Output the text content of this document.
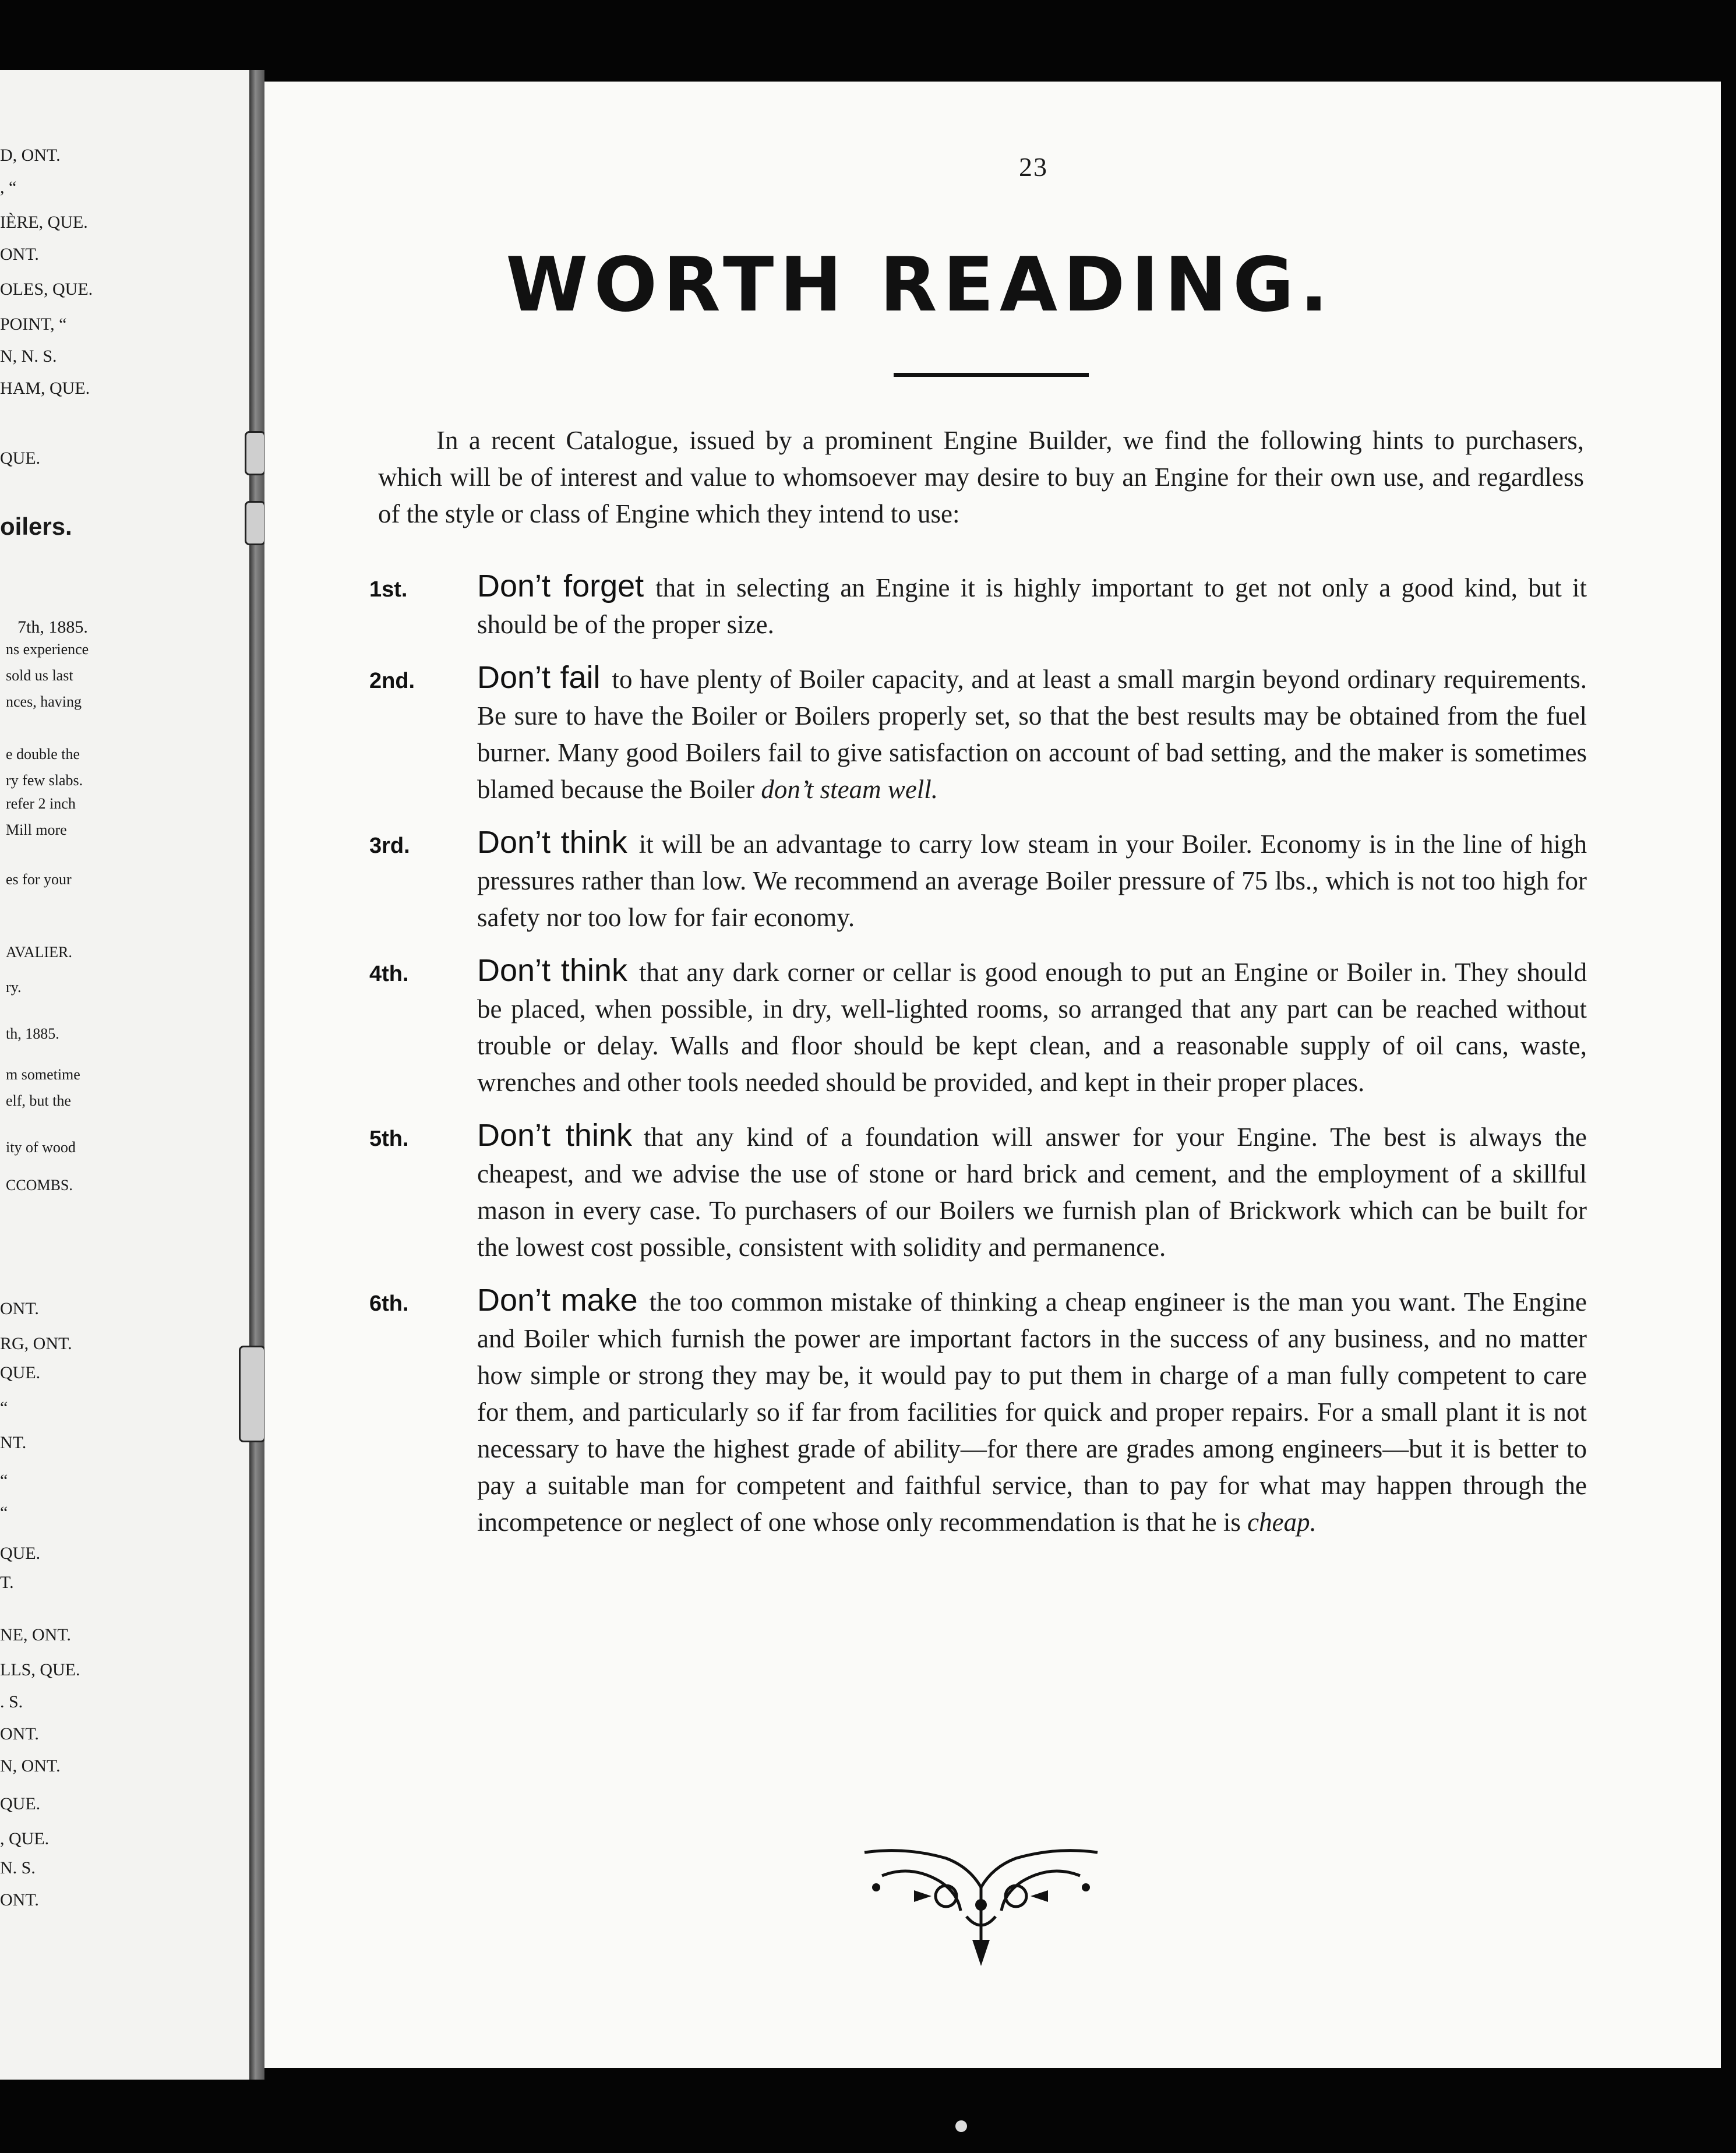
D, ONT.
, “
IÈRE, QUE.
ONT.
OLES, QUE.
POINT, “
N, N. S.
HAM, QUE.
QUE.
oilers.
7th, 1885.
ns experience
sold us last
nces, having
e double the
ry few slabs.
refer 2 inch
Mill more
es for your
AVALIER.
ry.
th, 1885.
m sometime
elf, but the
ity of wood
CCOMBS.
ONT.
RG, ONT.
QUE.
“
NT.
“
“
QUE.
T.
NE, ONT.
LLS, QUE.
. S.
ONT.
N, ONT.
QUE.
, QUE.
N. S.
ONT.
23
WORTH READING.
In a recent Catalogue, issued by a prominent Engine Builder, we find the following hints to purchasers, which will be of interest and value to whomsoever may desire to buy an Engine for their own use, and regardless of the style or class of Engine which they intend to use:
1st. Don’t forget that in selecting an Engine it is highly important to get not only a good kind, but it should be of the proper size.
2nd. Don’t fail to have plenty of Boiler capacity, and at least a small margin beyond ordinary requirements. Be sure to have the Boiler or Boilers properly set, so that the best results may be obtained from the fuel burner. Many good Boilers fail to give satisfaction on account of bad setting, and the maker is sometimes blamed because the Boiler don’t steam well.
3rd. Don’t think it will be an advantage to carry low steam in your Boiler. Economy is in the line of high pressures rather than low. We recommend an average Boiler pressure of 75 lbs., which is not too high for safety nor too low for fair economy.
4th. Don’t think that any dark corner or cellar is good enough to put an Engine or Boiler in. They should be placed, when possible, in dry, well-lighted rooms, so arranged that any part can be reached without trouble or delay. Walls and floor should be kept clean, and a reasonable supply of oil cans, waste, wrenches and other tools needed should be provided, and kept in their proper places.
5th. Don’t think that any kind of a foundation will answer for your Engine. The best is always the cheapest, and we advise the use of stone or hard brick and cement, and the employment of a skillful mason in every case. To purchasers of our Boilers we furnish plan of Brickwork which can be built for the lowest cost possible, consistent with solidity and permanence.
6th. Don’t make the too common mistake of thinking a cheap engineer is the man you want. The Engine and Boiler which furnish the power are important factors in the success of any business, and no matter how simple or strong they may be, it would pay to put them in charge of a man fully competent to care for them, and particularly so if far from facilities for quick and proper repairs. For a small plant it is not necessary to have the highest grade of ability—for there are grades among engineers—but it is better to pay a suitable man for competent and faithful service, than to pay for what may happen through the incompetence or neglect of one whose only recommendation is that he is cheap.
